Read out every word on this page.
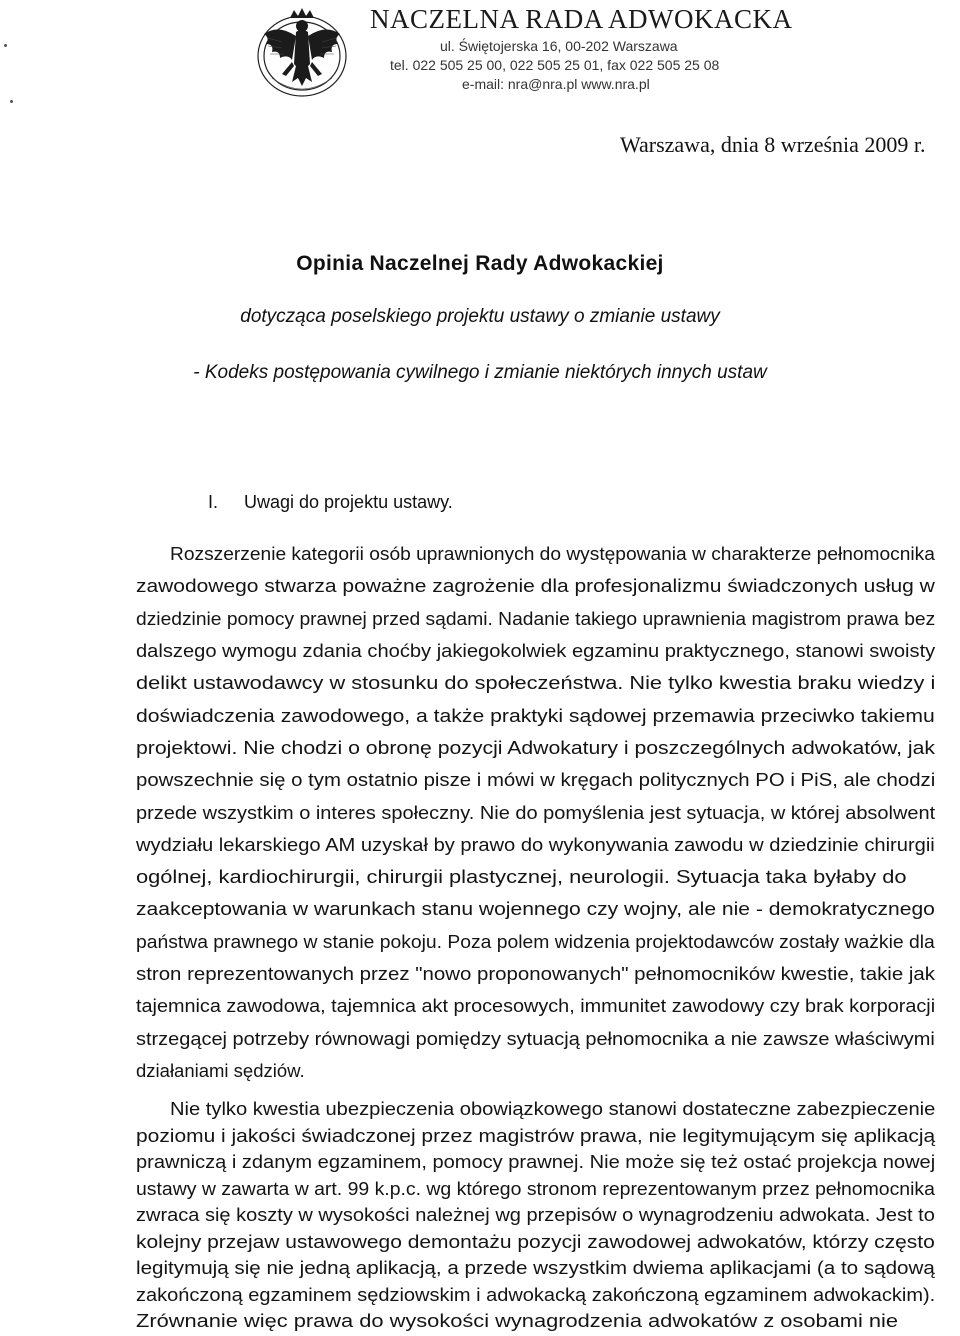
NACZELNA RADA ADWOKACKA
ul. Świętojerska 16, 00-202 Warszawa
tel. 022 505 25 00, 022 505 25 01, fax 022 505 25 08
e-mail: nra@nra.pl www.nra.pl
Warszawa, dnia 8 września 2009 r.
Opinia Naczelnej Rady Adwokackiej
dotycząca poselskiego projektu ustawy o zmianie ustawy
- Kodeks postępowania cywilnego i zmianie niektórych innych ustaw
I. Uwagi do projektu ustawy.
Rozszerzenie kategorii osób uprawnionych do występowania w charakterze pełnomocnika
zawodowego stwarza poważne zagrożenie dla profesjonalizmu świadczonych usług w
dziedzinie pomocy prawnej przed sądami. Nadanie takiego uprawnienia magistrom prawa bez
dalszego wymogu zdania choćby jakiegokolwiek egzaminu praktycznego, stanowi swoisty
delikt ustawodawcy w stosunku do społeczeństwa. Nie tylko kwestia braku wiedzy i
doświadczenia zawodowego, a także praktyki sądowej przemawia przeciwko takiemu
projektowi. Nie chodzi o obronę pozycji Adwokatury i poszczególnych adwokatów, jak
powszechnie się o tym ostatnio pisze i mówi w kręgach politycznych PO i PiS, ale chodzi
przede wszystkim o interes społeczny. Nie do pomyślenia jest sytuacja, w której absolwent
wydziału lekarskiego AM uzyskał by prawo do wykonywania zawodu w dziedzinie chirurgii
ogólnej, kardiochirurgii, chirurgii plastycznej, neurologii. Sytuacja taka byłaby do
zaakceptowania w warunkach stanu wojennego czy wojny, ale nie - demokratycznego
państwa prawnego w stanie pokoju. Poza polem widzenia projektodawców zostały ważkie dla
stron reprezentowanych przez "nowo proponowanych" pełnomocników kwestie, takie jak
tajemnica zawodowa, tajemnica akt procesowych, immunitet zawodowy czy brak korporacji
strzegącej potrzeby równowagi pomiędzy sytuacją pełnomocnika a nie zawsze właściwymi
działaniami sędziów.
Nie tylko kwestia ubezpieczenia obowiązkowego stanowi dostateczne zabezpieczenie
poziomu i jakości świadczonej przez magistrów prawa, nie legitymującym się aplikacją
prawniczą i zdanym egzaminem, pomocy prawnej. Nie może się też ostać projekcja nowej
ustawy w zawarta w art. 99 k.p.c. wg którego stronom reprezentowanym przez pełnomocnika
zwraca się koszty w wysokości należnej wg przepisów o wynagrodzeniu adwokata. Jest to
kolejny przejaw ustawowego demontażu pozycji zawodowej adwokatów, którzy często
legitymują się nie jedną aplikacją, a przede wszystkim dwiema aplikacjami (a to sądową
zakończoną egzaminem sędziowskim i adwokacką zakończoną egzaminem adwokackim).
Zrównanie więc prawa do wysokości wynagrodzenia adwokatów z osobami nie
